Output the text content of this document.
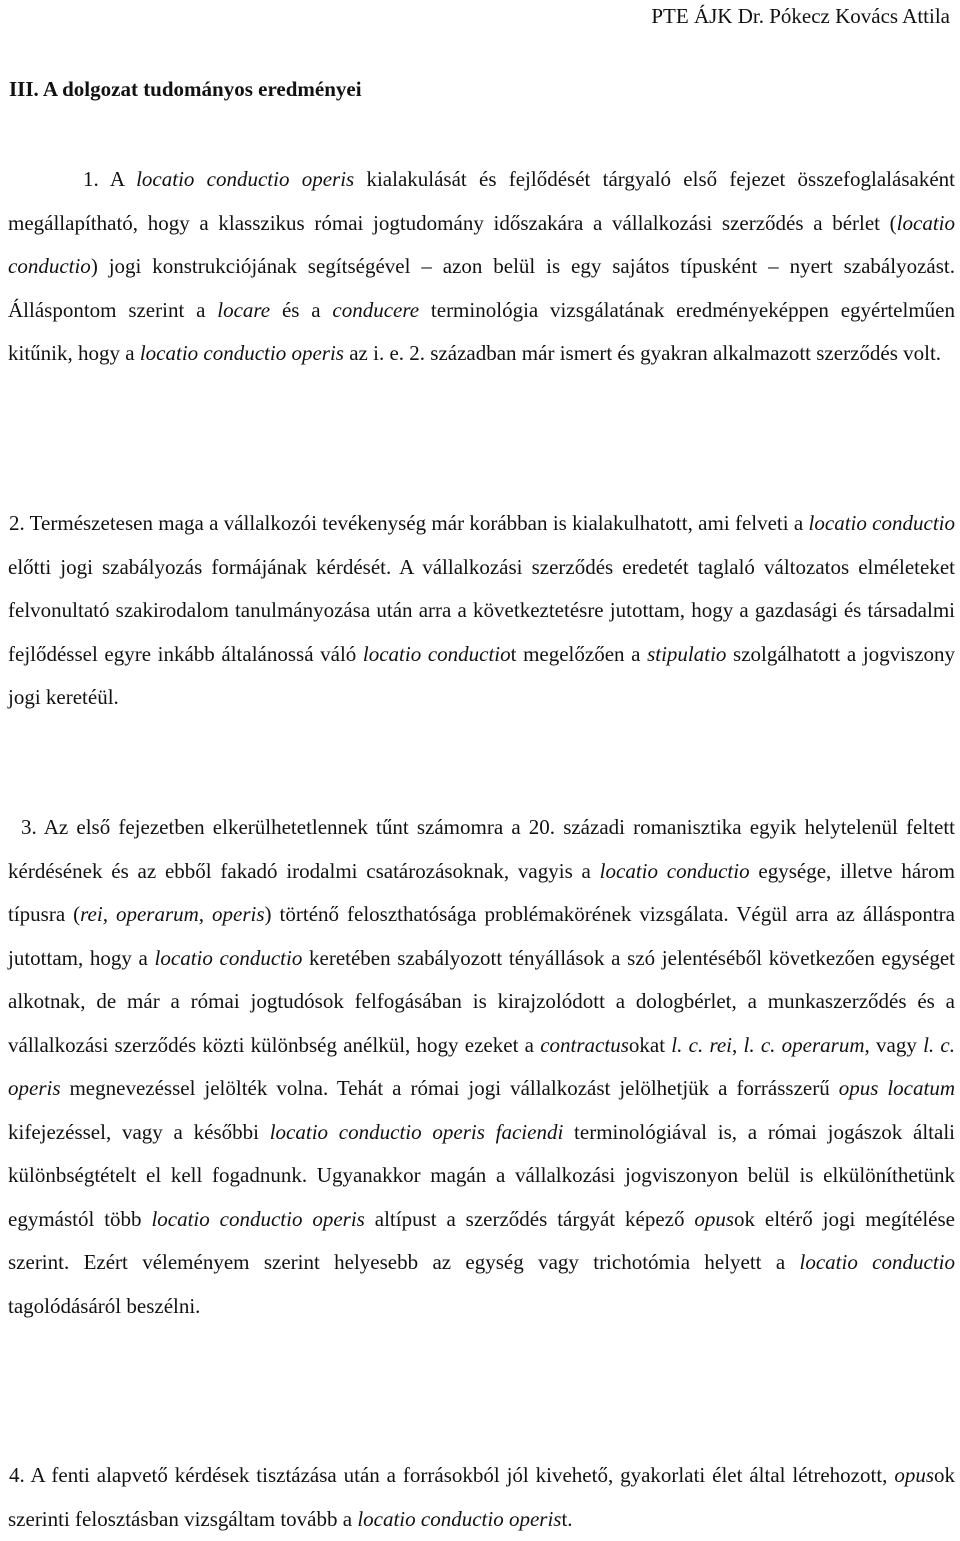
PTE ÁJK Dr. Pókecz Kovács Attila
III. A dolgozat tudományos eredményei

1. A locatio conductio operis kialakulását és fejlődését tárgyaló első fejezet összefoglalásaként megállapítható, hogy a klasszikus római jogtudomány időszakára a vállalkozási szerződés a bérlet (locatio conductio) jogi konstrukciójának segítségével – azon belül is egy sajátos típusként – nyert szabályozást. Álláspontom szerint a locare és a conducere terminológia vizsgálatának eredményeképpen egyértelműen kitűnik, hogy a locatio conductio operis az i. e. 2. században már ismert és gyakran alkalmazott szerződés volt.

2. Természetesen maga a vállalkozói tevékenység már korábban is kialakulhatott, ami felveti a locatio conductio előtti jogi szabályozás formájának kérdését. A vállalkozási szerződés eredetét taglaló változatos elméleteket felvonultató szakirodalom tanulmányozása után arra a következtetésre jutottam, hogy a gazdasági és társadalmi fejlődéssel egyre inkább általánossá váló locatio conductiot megelőzően a stipulatio szolgálhatott a jogviszony jogi keretéül.

3. Az első fejezetben elkerülhetetlennek tűnt számomra a 20. századi romanisztika egyik helytelenül feltett kérdésének és az ebből fakadó irodalmi csatározásoknak, vagyis a locatio conductio egysége, illetve három típusra (rei, operarum, operis) történő feloszthatósága problémakörének vizsgálata. Végül arra az álláspontra jutottam, hogy a locatio conductio keretében szabályozott tényállások a szó jelentéséből következően egységet alkotnak, de már a római jogtudósok felfogásában is kirajzolódott a dologbérlet, a munkaszerződés és a vállalkozási szerződés közti különbség anélkül, hogy ezeket a contractusokat l. c. rei, l. c. operarum, vagy l. c. operis megnevezéssel jelölték volna. Tehát a római jogi vállalkozást jelölhetjük a forrásszerű opus locatum kifejezéssel, vagy a későbbi locatio conductio operis faciendi terminológiával is, a római jogászok általi különbségtételt el kell fogadnunk. Ugyanakkor magán a vállalkozási jogviszonyon belül is elkülöníthetünk egymástól több locatio conductio operis altípust a szerződés tárgyát képező opusok eltérő jogi megítélése szerint. Ezért véleményem szerint helyesebb az egység vagy trichotómia helyett a locatio conductio tagolódásáról beszélni.

4. A fenti alapvető kérdések tisztázása után a forrásokból jól kivehető, gyakorlati élet által létrehozott, opusok szerinti felosztásban vizsgáltam tovább a locatio conductio operist.
